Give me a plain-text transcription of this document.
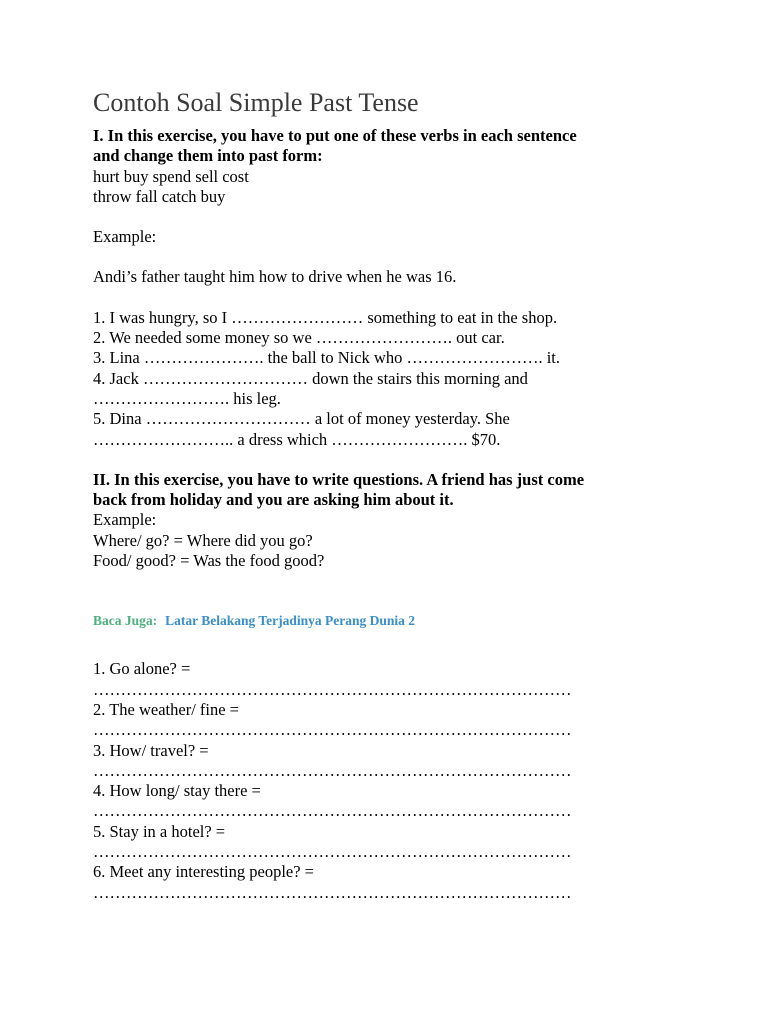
Contoh Soal Simple Past Tense
I. In this exercise, you have to put one of these verbs in each sentence
and change them into past form:
hurt buy spend sell cost
throw fall catch buy
Example:
Andi’s father taught him how to drive when he was 16.
1. I was hungry, so I …………………… something to eat in the shop.
2. We needed some money so we ……………………. out car.
3. Lina …………………. the ball to Nick who ……………………. it.
4. Jack ………………………… down the stairs this morning and
……………………. his leg.
5. Dina ………………………… a lot of money yesterday. She
…………………….. a dress which ……………………. $70.
II. In this exercise, you have to write questions. A friend has just come
back from holiday and you are asking him about it.
Example:
Where/ go? = Where did you go?
Food/ good? = Was the food good?
Baca Juga: Latar Belakang Terjadinya Perang Dunia 2
1. Go alone? =
……………………………………………………………………………
2. The weather/ fine =
……………………………………………………………………………
3. How/ travel? =
……………………………………………………………………………
4. How long/ stay there =
……………………………………………………………………………
5. Stay in a hotel? =
……………………………………………………………………………
6. Meet any interesting people? =
……………………………………………………………………………
